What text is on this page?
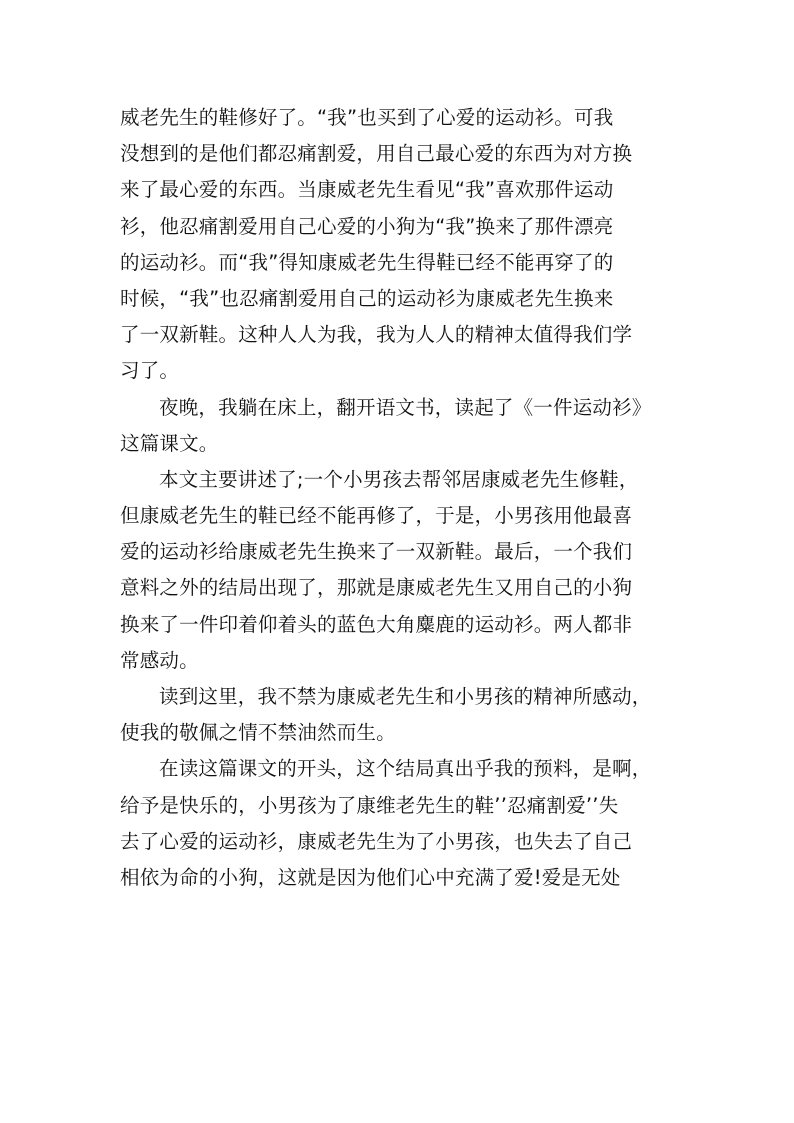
威老先生的鞋修好了。“我”也买到了心爱的运动衫。可我
没想到的是他们都忍痛割爱，用自己最心爱的东西为对方换
来了最心爱的东西。当康威老先生看见“我”喜欢那件运动
衫，他忍痛割爱用自己心爱的小狗为“我”换来了那件漂亮
的运动衫。而“我”得知康威老先生得鞋已经不能再穿了的
时候，“我”也忍痛割爱用自己的运动衫为康威老先生换来
了一双新鞋。这种人人为我，我为人人的精神太值得我们学
习了。
夜晚，我躺在床上，翻开语文书，读起了《一件运动衫》
这篇课文。
本文主要讲述了;一个小男孩去帮邻居康威老先生修鞋，
但康威老先生的鞋已经不能再修了，于是，小男孩用他最喜
爱的运动衫给康威老先生换来了一双新鞋。最后，一个我们
意料之外的结局出现了，那就是康威老先生又用自己的小狗
换来了一件印着仰着头的蓝色大角麋鹿的运动衫。两人都非
常感动。
读到这里，我不禁为康威老先生和小男孩的精神所感动，
使我的敬佩之情不禁油然而生。
在读这篇课文的开头，这个结局真出乎我的预料，是啊，
给予是快乐的，小男孩为了康维老先生的鞋’’忍痛割爱’’失
去了心爱的运动衫，康威老先生为了小男孩，也失去了自己
相依为命的小狗，这就是因为他们心中充满了爱!爱是无处
